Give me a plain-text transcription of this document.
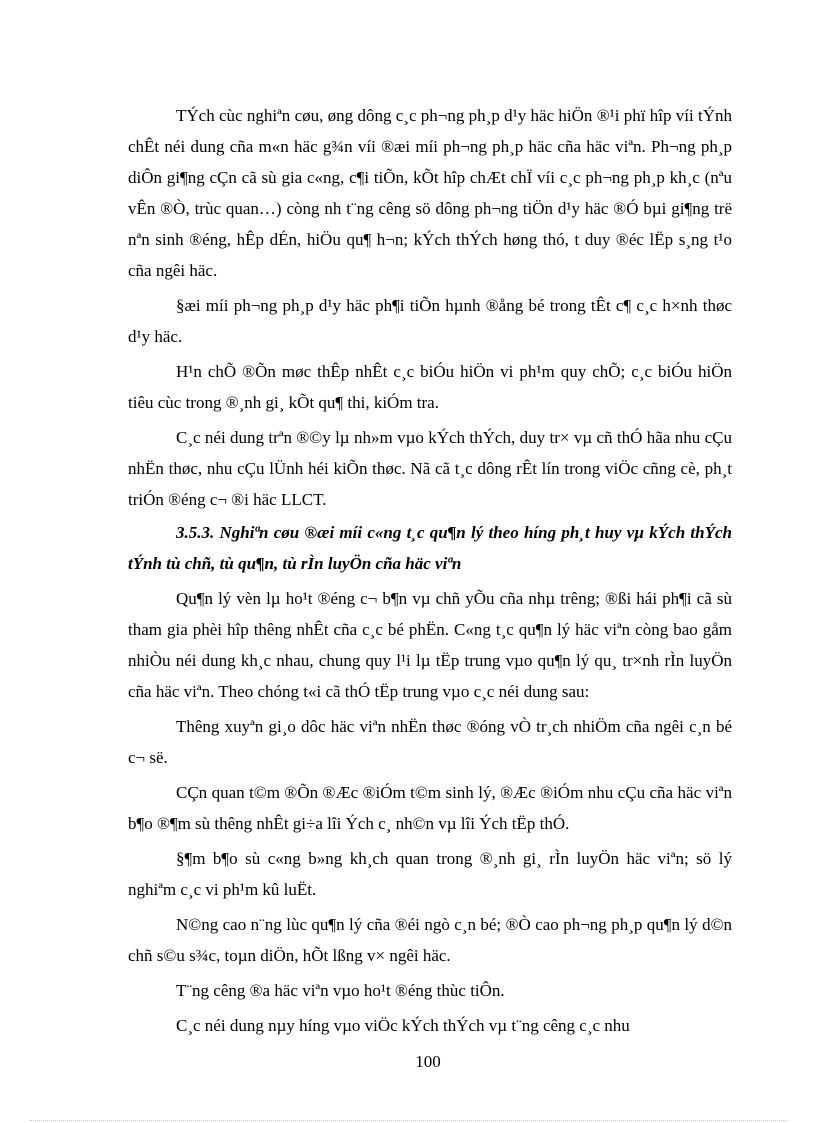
TÝch cùc nghiªn cøu, øng dông c¸c ph¬ng ph¸p d¹y häc hiÖn ®¹i phï hîp víi tÝnh chÊt néi dung cña m«n häc g¾n víi ®æi míi ph¬ng ph¸p häc cña häc viªn. Ph¬ng ph¸p diÔn gi¶ng cÇn cã sù gia c«ng, c¶i tiÕn, kÕt hîp chÆt chÏ víi c¸c ph¬ng ph¸p kh¸c (nªu vÊn ®Ò, trùc quan…) còng nh t¨ng cêng sö dông ph¬ng tiÖn d¹y häc ®Ó bµi gi¶ng trë nªn sinh ®éng, hÊp dÉn, hiÖu qu¶ h¬n; kÝch thÝch høng thó, t duy ®éc lËp s¸ng t¹o cña ngêi häc.

§æi míi ph¬ng ph¸p d¹y häc ph¶i tiÕn hµnh ®ång bé trong tÊt c¶ c¸c h×nh thøc d¹y häc.

H¹n chÕ ®Õn møc thÊp nhÊt c¸c biÓu hiÖn vi ph¹m quy chÕ; c¸c biÓu hiÖn tiêu cùc trong ®¸nh gi¸ kÕt qu¶ thi, kiÓm tra.

C¸c néi dung trªn ®©y lµ nh»m vµo kÝch thÝch, duy tr× vµ cñ thÓ hãa nhu cÇu nhËn thøc, nhu cÇu lÜnh héi kiÕn thøc. Nã cã t¸c dông rÊt lín trong viÖc cñng cè, ph¸t triÓn ®éng c¬ ®i häc LLCT.

3.5.3. Nghiªn cøu ®æi míi c«ng t¸c qu¶n lý theo híng ph¸t huy vµ kÝch thÝch tÝnh tù chñ, tù qu¶n, tù rÌn luyÖn cña häc viªn

Qu¶n lý vèn lµ ho¹t ®éng c¬ b¶n vµ chñ yÕu cña nhµ trêng; ®ßi hái ph¶i cã sù tham gia phèi hîp thêng nhÊt cña c¸c bé phËn. C«ng t¸c qu¶n lý häc viªn còng bao gåm nhiÒu néi dung kh¸c nhau, chung quy l¹i lµ tËp trung vµo qu¶n lý qu¸ tr×nh rÌn luyÖn cña häc viªn. Theo chóng t«i cã thÓ tËp trung vµo c¸c néi dung sau:

Thêng xuyªn gi¸o dôc häc viªn nhËn thøc ®óng vÒ tr¸ch nhiÖm cña ngêi c¸n bé c¬ së.

CÇn quan t©m ®Õn ®Æc ®iÓm t©m sinh lý, ®Æc ®iÓm nhu cÇu cña häc viªn b¶o ®¶m sù thêng nhÊt gi÷a lîi Ých c¸ nh©n vµ lîi Ých tËp thÓ.

§¶m b¶o sù c«ng b»ng kh¸ch quan trong ®¸nh gi¸ rÌn luyÖn häc viªn; sö lý nghiªm c¸c vi ph¹m kû luËt.

N©ng cao n¨ng lùc qu¶n lý cña ®éi ngò c¸n bé; ®Ò cao ph¬ng ph¸p qu¶n lý d©n chñ s©u s¾c, toµn diÖn, hÕt lßng v× ngêi häc.

T¨ng cêng ®a häc viªn vµo ho¹t ®éng thùc tiÔn.

C¸c néi dung nµy híng vµo viÖc kÝch thÝch vµ t¨ng cêng c¸c nhu

100
